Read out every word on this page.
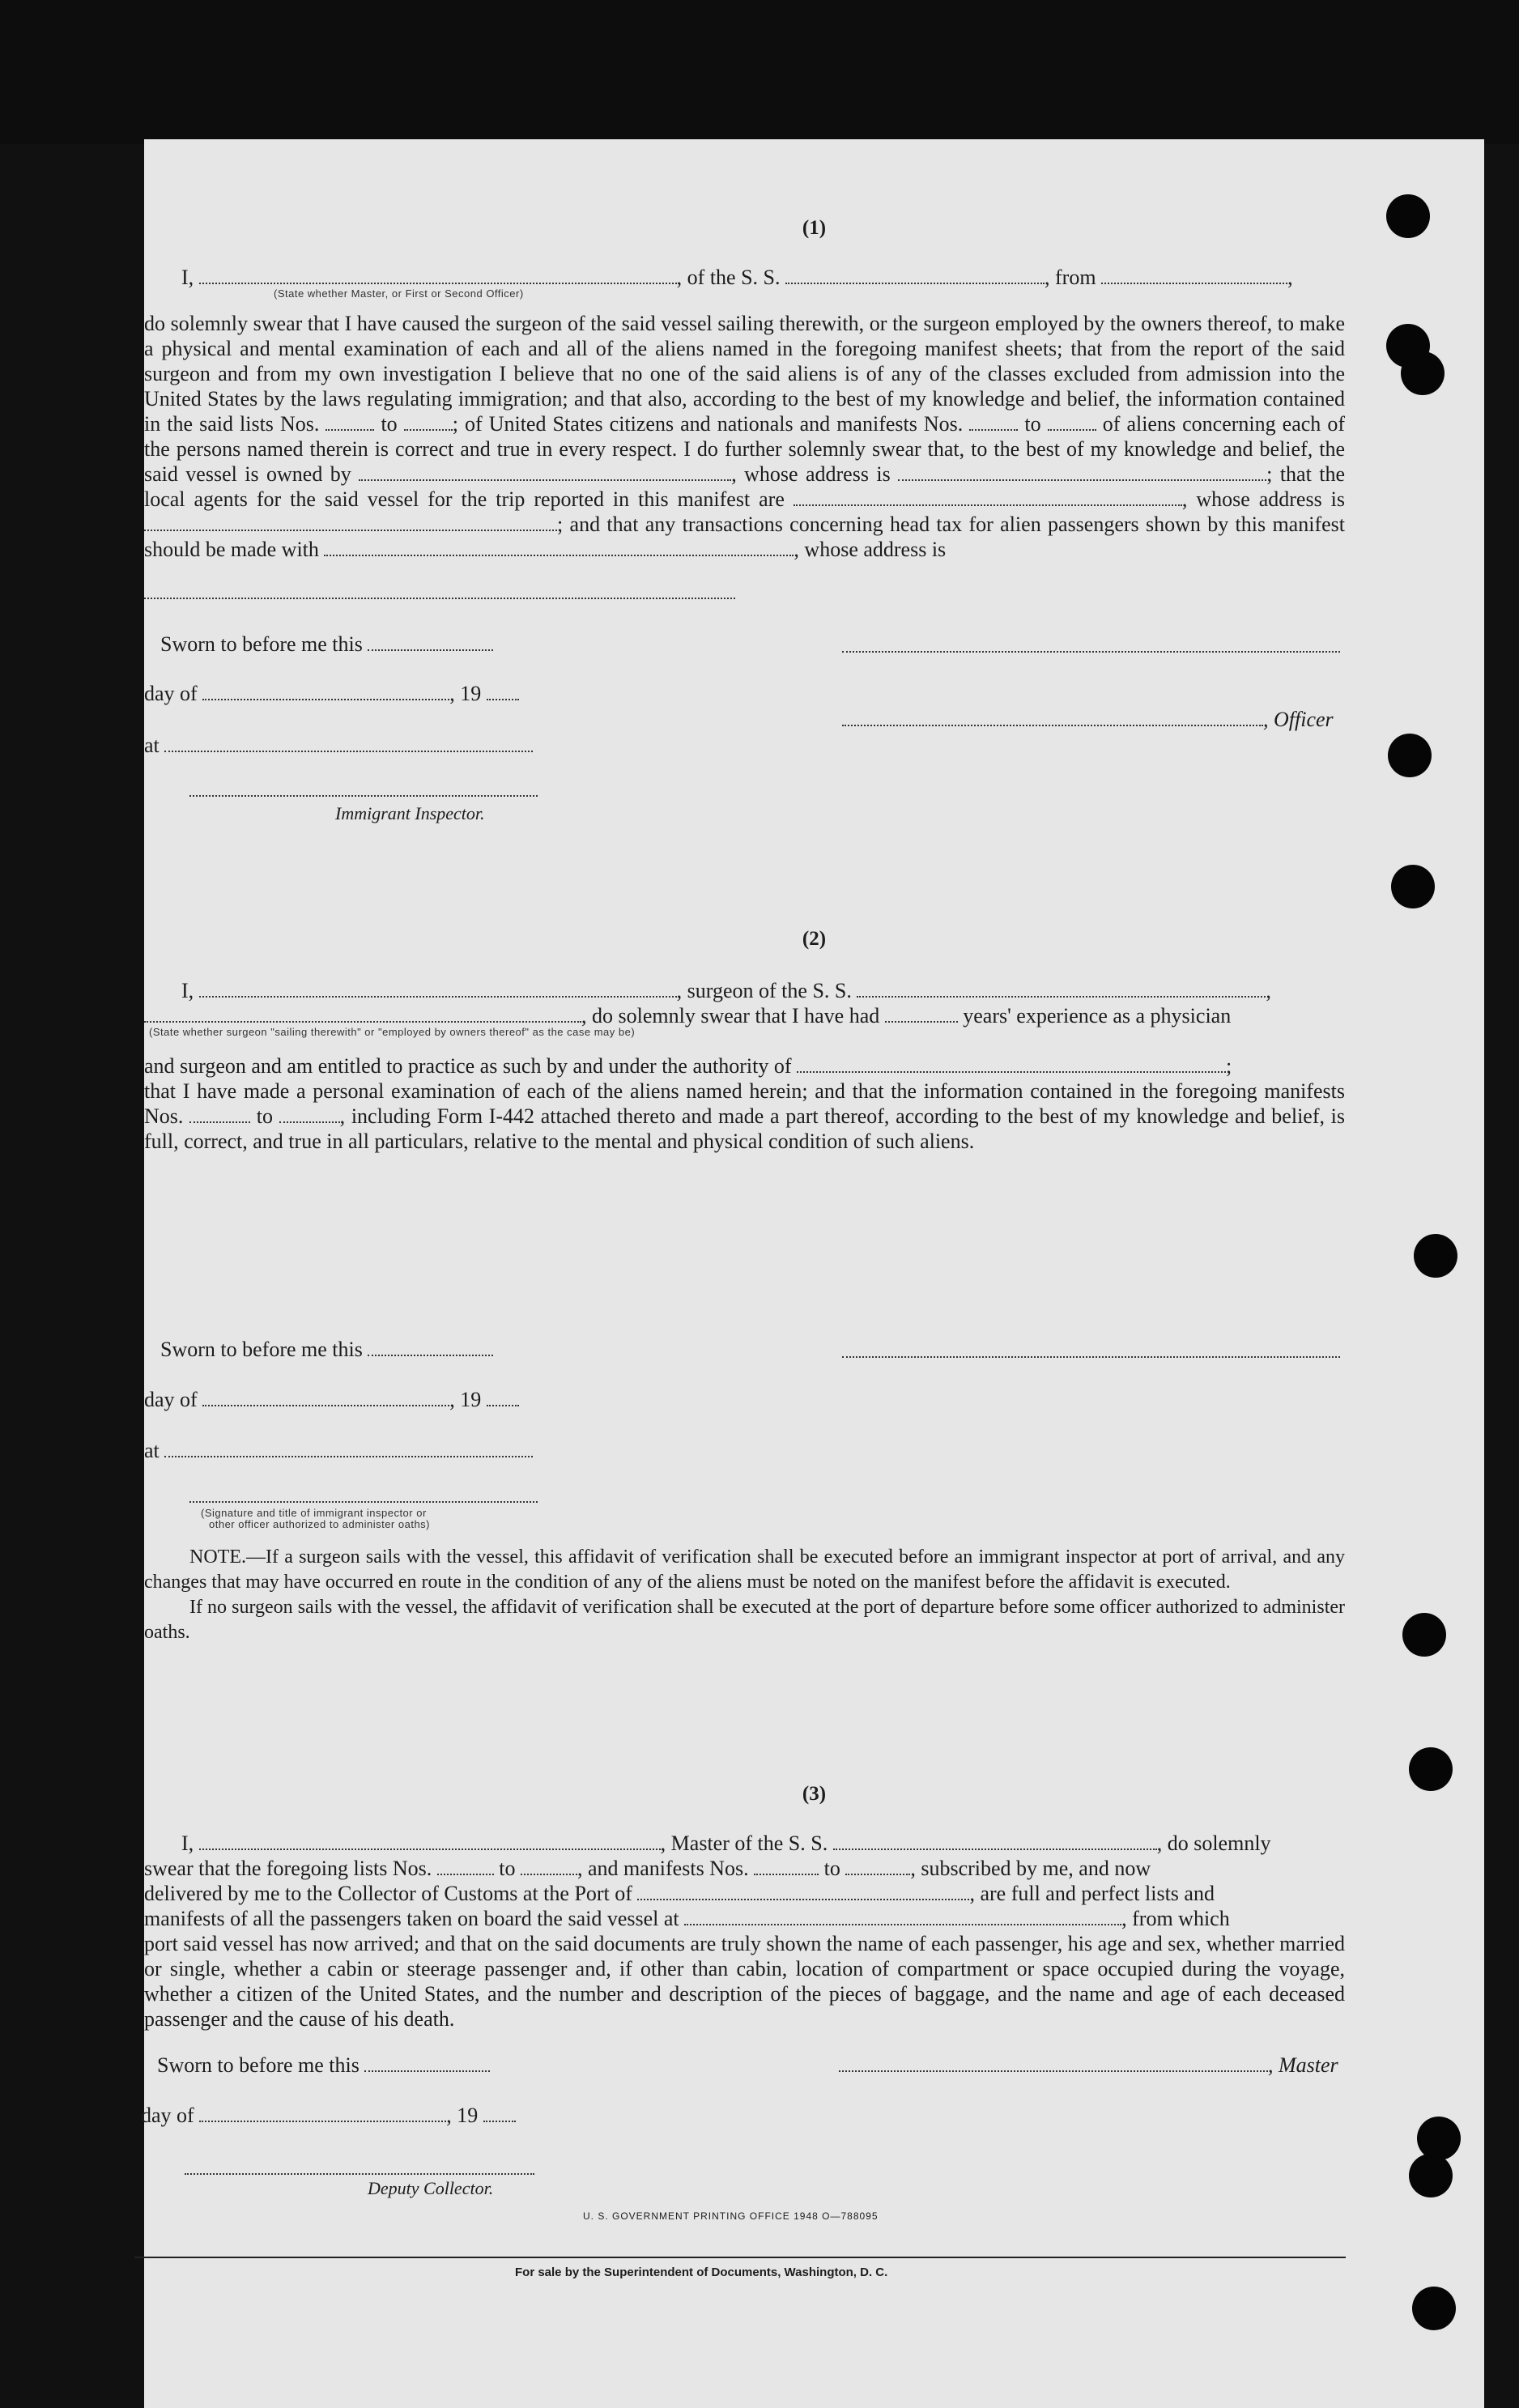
(1)
I,	, of the S. S.	, from	,
(State whether Master, or First or Second Officer)

do solemnly swear that I have caused the surgeon of the said vessel sailing therewith, or the surgeon employed by the owners thereof, to make a physical and mental examination of each and all of the aliens named in the foregoing manifest sheets; that from the report of the said surgeon and from my own investigation I believe that no one of the said aliens is of any of the classes excluded from admission into the United States by the laws regulating immigration; and that also, according to the best of my knowledge and belief, the information contained in the said lists Nos.	to	; of United States citizens and nationals and manifests Nos.	to	of aliens concerning each of the persons named therein is correct and true in every respect. I do further solemnly swear that, to the best of my knowledge and belief, the said vessel is owned by	, whose address is	; that the local agents for the said vessel for the trip reported in this manifest are	, whose address is ; and that any transactions concerning head tax for alien passengers shown by this manifest should be made with	, whose address is

Sworn to before me this
day of	, 19
, Officer
at
Immigrant Inspector.
(2)
I,	, surgeon of the S. S.	,
, do solemnly swear that I have had	years' experience as a physician
(State whether surgeon "sailing therewith" or "employed by owners thereof" as the case may be)
and surgeon and am entitled to practice as such by and under the authority of	;

that I have made a personal examination of each of the aliens named herein; and that the information contained in the foregoing manifests Nos.	to	, including Form I-442 attached thereto and made a part thereof, according to the best of my knowledge and belief, is full, correct, and true in all particulars, relative to the mental and physical condition of such aliens.

Sworn to before me this
day of	, 19
at
(Signature and title of immigrant inspector or
other officer authorized to administer oaths)

NOTE.—If a surgeon sails with the vessel, this affidavit of verification shall be executed before an immigrant inspector at port of arrival, and any changes that may have occurred en route in the condition of any of the aliens must be noted on the manifest before the affidavit is executed.

If no surgeon sails with the vessel, the affidavit of verification shall be executed at the port of departure before some officer authorized to administer oaths.

(3)
I,	, Master of the S. S.	, do solemnly
swear that the foregoing lists Nos.	to	, and manifests Nos.	to	, subscribed by me, and now
delivered by me to the Collector of Customs at the Port of	, are full and perfect lists and
manifests of all the passengers taken on board the said vessel at	, from which
port said vessel has now arrived; and that on the said documents are truly shown the name of each passenger, his age and sex, whether married or single, whether a cabin or steerage passenger and, if other than cabin, location of compartment or space occupied during the voyage, whether a citizen of the United States, and the number and description of the pieces of baggage, and the name and age of each deceased passenger and the cause of his death.
Sworn to before me this	, Master
day of	, 19
Deputy Collector.
U. S. GOVERNMENT PRINTING OFFICE 1948 O—788095
For sale by the Superintendent of Documents, Washington, D. C.
